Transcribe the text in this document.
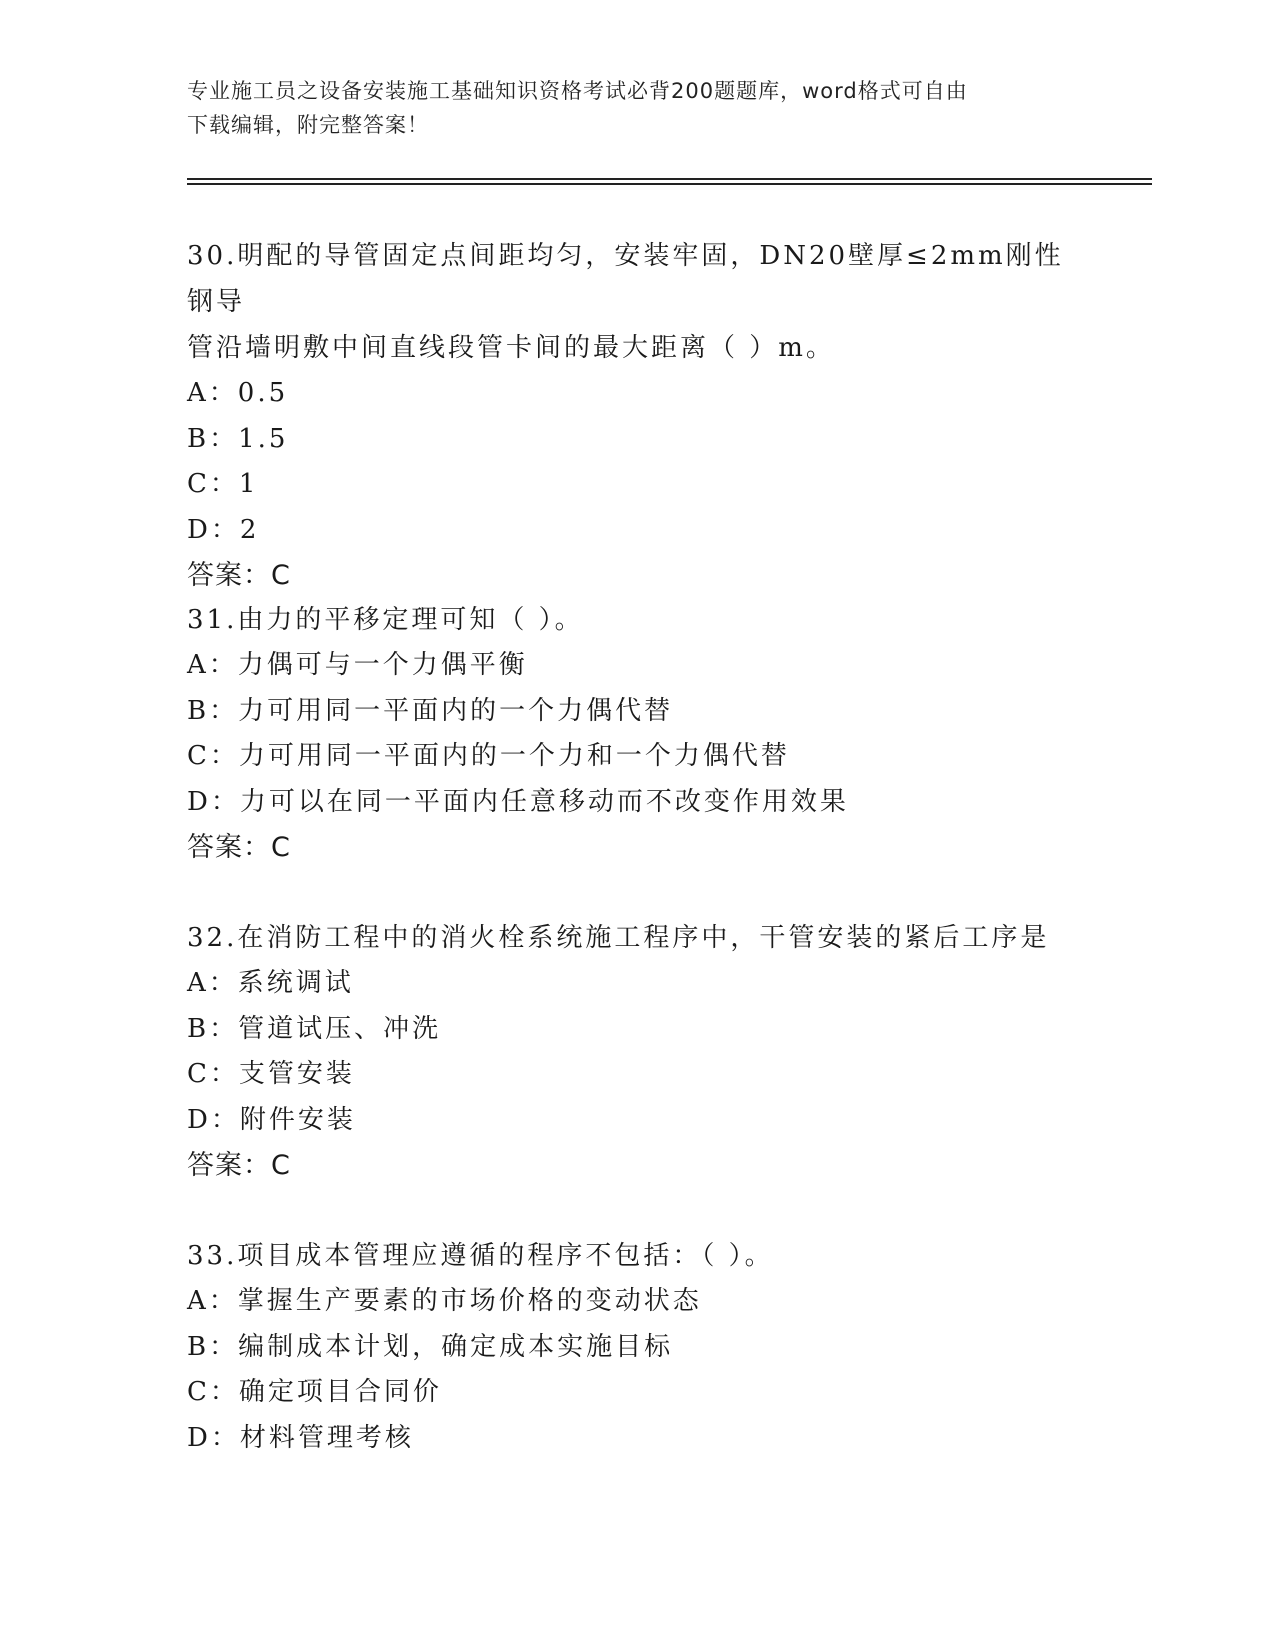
专业施工员之设备安装施工基础知识资格考试必背200题题库，word格式可自由
下载编辑，附完整答案！

30.明配的导管固定点间距均匀，安装牢固，DN20壁厚≤2mm刚性钢导

管沿墙明敷中间直线段管卡间的最大距离（ ）m。

A：0.5

B：1.5

C：1

D：2

答案：C

31.由力的平移定理可知（ ）。

A：力偶可与一个力偶平衡

B：力可用同一平面内的一个力偶代替

C：力可用同一平面内的一个力和一个力偶代替

D：力可以在同一平面内任意移动而不改变作用效果

答案：C

32.在消防工程中的消火栓系统施工程序中，干管安装的紧后工序是

A：系统调试

B：管道试压、冲洗

C：支管安装

D：附件安装

答案：C

33.项目成本管理应遵循的程序不包括：（ ）。

A：掌握生产要素的市场价格的变动状态

B：编制成本计划，确定成本实施目标

C：确定项目合同价

D：材料管理考核
